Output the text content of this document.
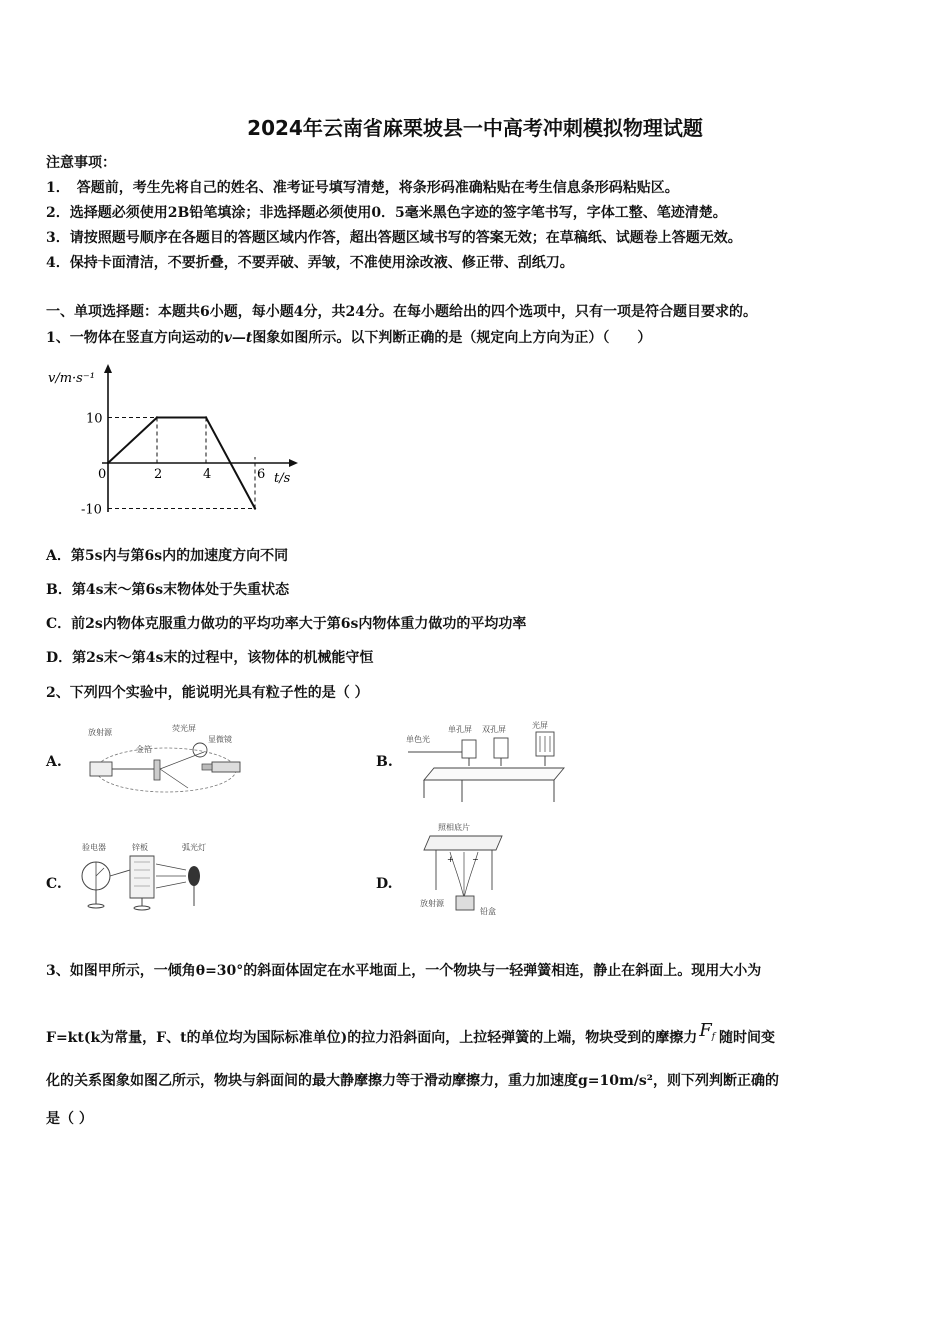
2024年云南省麻栗坡县一中高考冲刺模拟物理试题
注意事项：
1．　答题前，考生先将自己的姓名、准考证号填写清楚，将条形码准确粘贴在考生信息条形码粘贴区。
2．选择题必须使用2B铅笔填涂；非选择题必须使用0．5毫米黑色字迹的签字笔书写，字体工整、笔迹清楚。
3．请按照题号顺序在各题目的答题区域内作答，超出答题区域书写的答案无效；在草稿纸、试题卷上答题无效。
4．保持卡面清洁，不要折叠，不要弄破、弄皱，不准使用涂改液、修正带、刮纸刀。
一、单项选择题：本题共6小题，每小题4分，共24分。在每小题给出的四个选项中，只有一项是符合题目要求的。
1、一物体在竖直方向运动的v—t图象如图所示。以下判断正确的是（规定向上方向为正）（　　）
0	2	4	6
10
-10
v/m·s⁻¹
t/s
A．第5s内与第6s内的加速度方向不同
B．第4s末～第6s末物体处于失重状态
C．前2s内物体克服重力做功的平均功率大于第6s内物体重力做功的平均功率
D．第2s末～第4s末的过程中，该物体的机械能守恒
2、下列四个实验中，能说明光具有粒子性的是（ ）
A.	B.
C.	D.
放射源	荧光屏
金箔
显微镜	单色光
单孔屏 双孔屏	光屏
验电器	锌板	弧光灯
照相底片
放射源
铅盒
+ −
3、如图甲所示，一倾角θ=30°的斜面体固定在水平地面上，一个物块与一轻弹簧相连，静止在斜面上。现用大小为
F=kt(k为常量，F、t的单位均为国际标准单位)的拉力沿斜面向，上拉轻弹簧的上端，物块受到的摩擦力 $F_f$ 随时间变
化的关系图象如图乙所示，物块与斜面间的最大静摩擦力等于滑动摩擦力，重力加速度g=10m/s²，则下列判断正确的
是（ ）
